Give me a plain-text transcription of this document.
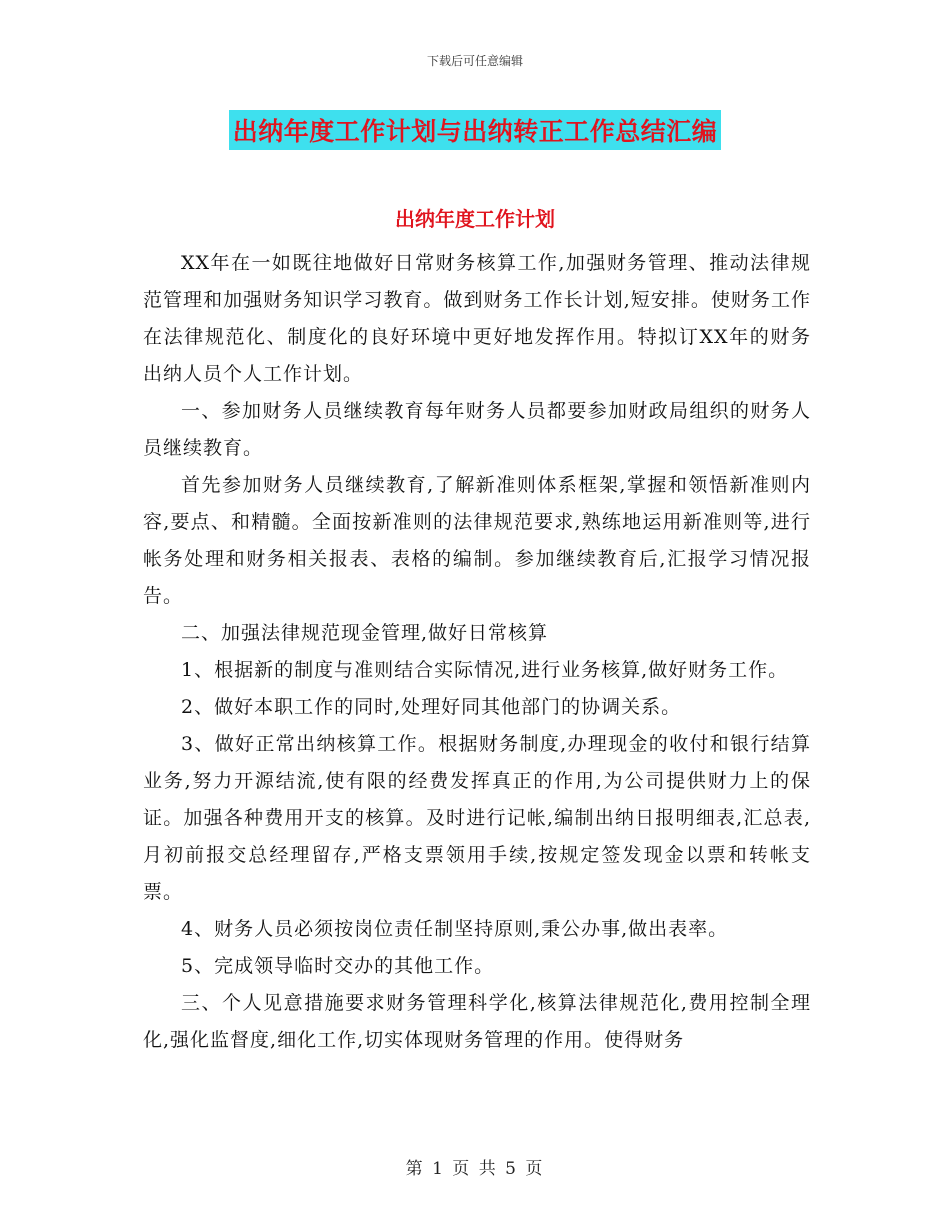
下载后可任意编辑
出纳年度工作计划与出纳转正工作总结汇编
出纳年度工作计划

XX年在一如既往地做好日常财务核算工作,加强财务管理、推动法律规范管理和加强财务知识学习教育。做到财务工作长计划,短安排。使财务工作在法律规范化、制度化的良好环境中更好地发挥作用。特拟订XX年的财务出纳人员个人工作计划。

一、参加财务人员继续教育每年财务人员都要参加财政局组织的财务人员继续教育。

首先参加财务人员继续教育,了解新准则体系框架,掌握和领悟新准则内容,要点、和精髓。全面按新准则的法律规范要求,熟练地运用新准则等,进行帐务处理和财务相关报表、表格的编制。参加继续教育后,汇报学习情况报告。

二、加强法律规范现金管理,做好日常核算

1、根据新的制度与准则结合实际情况,进行业务核算,做好财务工作。

2、做好本职工作的同时,处理好同其他部门的协调关系。

3、做好正常出纳核算工作。根据财务制度,办理现金的收付和银行结算业务,努力开源结流,使有限的经费发挥真正的作用,为公司提供财力上的保证。加强各种费用开支的核算。及时进行记帐,编制出纳日报明细表,汇总表,月初前报交总经理留存,严格支票领用手续,按规定签发现金以票和转帐支票。

4、财务人员必须按岗位责任制坚持原则,秉公办事,做出表率。

5、完成领导临时交办的其他工作。

三、个人见意措施要求财务管理科学化,核算法律规范化,费用控制全理化,强化监督度,细化工作,切实体现财务管理的作用。使得财务

第 1 页 共 5 页
